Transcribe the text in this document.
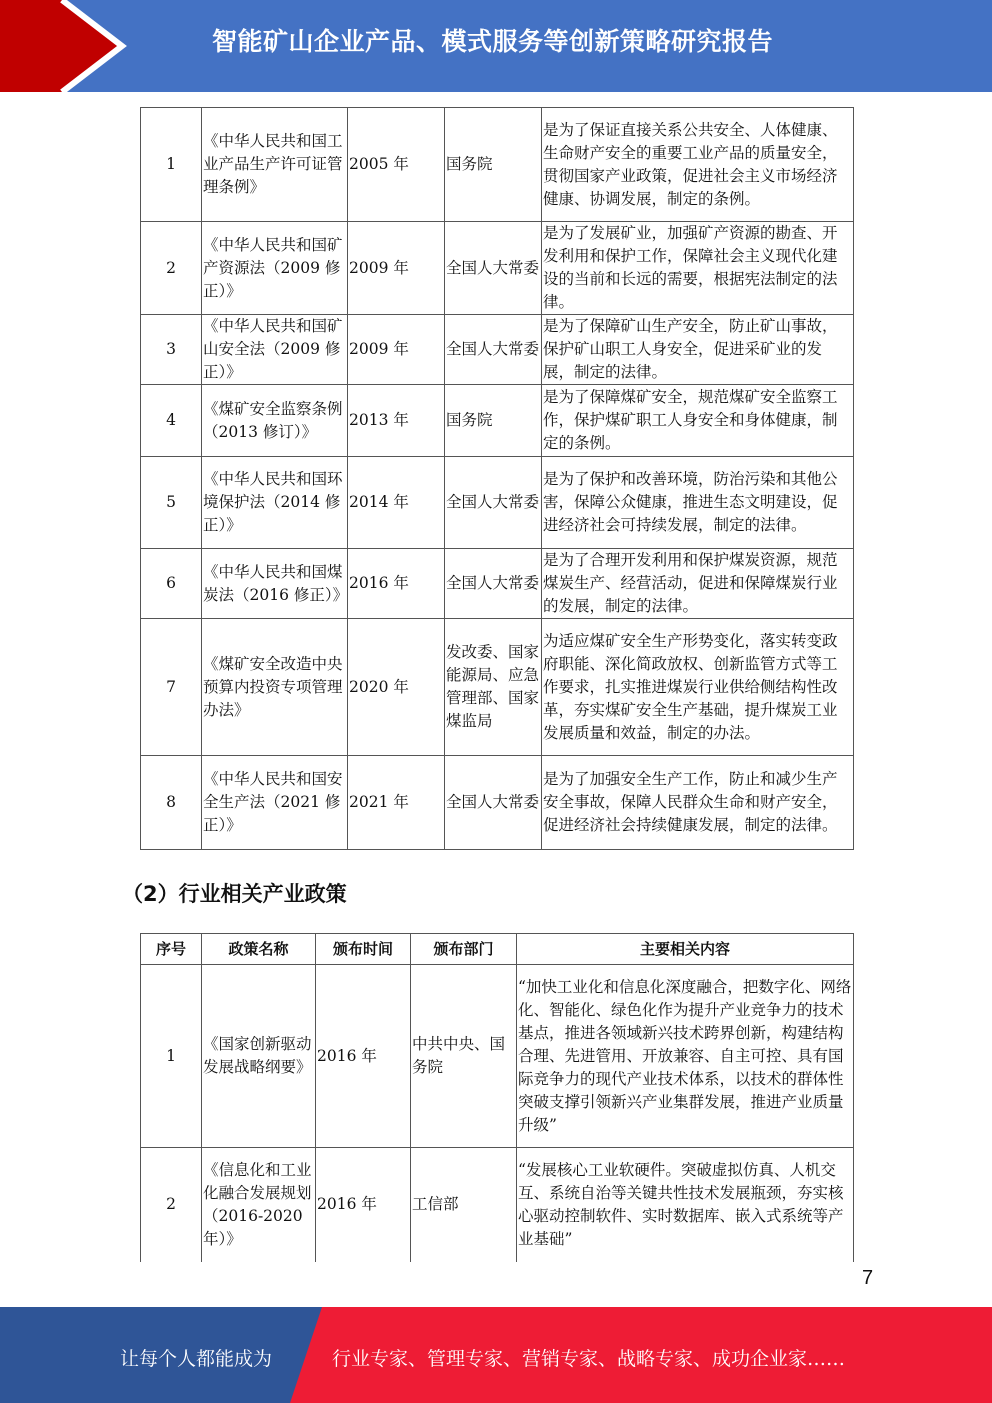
智能矿山企业产品、模式服务等创新策略研究报告
1	《中华人民共和国工业产品生产许可证管理条例》	2005 年	国务院	是为了保证直接关系公共安全、人体健康、生命财产安全的重要工业产品的质量安全，贯彻国家产业政策，促进社会主义市场经济健康、协调发展，制定的条例。
2	《中华人民共和国矿产资源法（2009 修正）》	2009 年	全国人大常委	是为了发展矿业，加强矿产资源的勘查、开发利用和保护工作，保障社会主义现代化建设的当前和长远的需要，根据宪法制定的法律。
3	《中华人民共和国矿山安全法（2009 修正）》	2009 年	全国人大常委	是为了保障矿山生产安全，防止矿山事故，保护矿山职工人身安全，促进采矿业的发展，制定的法律。
4	《煤矿安全监察条例（2013 修订）》	2013 年	国务院	是为了保障煤矿安全，规范煤矿安全监察工作，保护煤矿职工人身安全和身体健康，制定的条例。
5	《中华人民共和国环境保护法（2014 修正）》	2014 年	全国人大常委	是为了保护和改善环境，防治污染和其他公害，保障公众健康，推进生态文明建设，促进经济社会可持续发展，制定的法律。
6	《中华人民共和国煤炭法（2016 修正）》	2016 年	全国人大常委	是为了合理开发利用和保护煤炭资源，规范煤炭生产、经营活动，促进和保障煤炭行业的发展，制定的法律。
7	《煤矿安全改造中央预算内投资专项管理办法》	2020 年	发改委、国家能源局、应急管理部、国家煤监局	为适应煤矿安全生产形势变化，落实转变政府职能、深化简政放权、创新监管方式等工作要求，扎实推进煤炭行业供给侧结构性改革，夯实煤矿安全生产基础，提升煤炭工业发展质量和效益，制定的办法。
8	《中华人民共和国安全生产法（2021 修正）》	2021 年	全国人大常委	是为了加强安全生产工作，防止和减少生产安全事故，保障人民群众生命和财产安全，促进经济社会持续健康发展，制定的法律。
（2）行业相关产业政策
序号	政策名称	颁布时间	颁布部门	主要相关内容
1	《国家创新驱动发展战略纲要》	2016 年	中共中央、国务院	“加快工业化和信息化深度融合，把数字化、网络化、智能化、绿色化作为提升产业竞争力的技术基点，推进各领域新兴技术跨界创新，构建结构合理、先进管用、开放兼容、自主可控、具有国际竞争力的现代产业技术体系，以技术的群体性突破支撑引领新兴产业集群发展，推进产业质量升级”
2	《信息化和工业化融合发展规划（2016-2020 年）》	2016 年	工信部	“发展核心工业软硬件。突破虚拟仿真、人机交互、系统自治等关键共性技术发展瓶颈，夯实核心驱动控制软件、实时数据库、嵌入式系统等产业基础”
7
让每个人都能成为	行业专家、管理专家、营销专家、战略专家、成功企业家……
